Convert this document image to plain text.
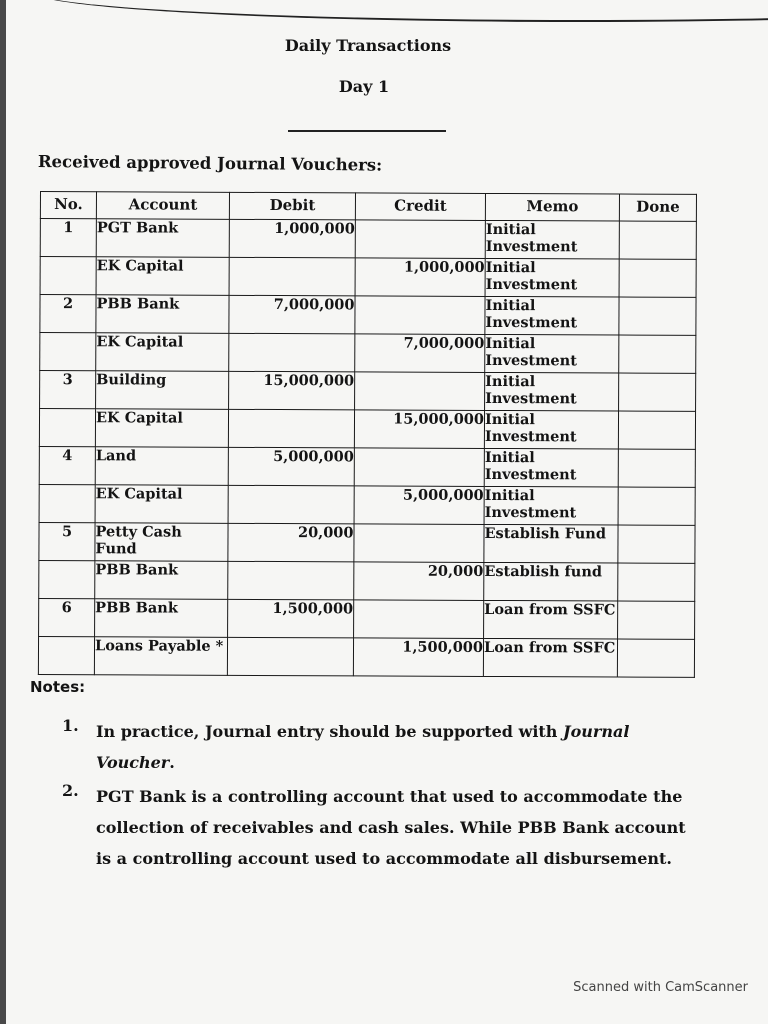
Daily Transactions
Day 1
Received approved Journal Vouchers:
No.	Account	Debit	Credit	Memo	Done
1	PGT Bank	1,000,000		Initial Investment	
	EK Capital		1,000,000	Initial Investment	
2	PBB Bank	7,000,000		Initial Investment	
	EK Capital		7,000,000	Initial Investment	
3	Building	15,000,000		Initial Investment	
	EK Capital		15,000,000	Initial Investment	
4	Land	5,000,000		Initial Investment	
	EK Capital		5,000,000	Initial Investment	
5	Petty Cash Fund	20,000		Establish Fund	
	PBB Bank		20,000	Establish fund	
6	PBB Bank	1,500,000		Loan from SSFC	
	Loans Payable *		1,500,000	Loan from SSFC	
Notes:
1. In practice, Journal entry should be supported with Journal Voucher.
2. PGT Bank is a controlling account that used to accommodate the collection of receivables and cash sales. While PBB Bank account is a controlling account used to accommodate all disbursement.
Scanned with CamScanner
